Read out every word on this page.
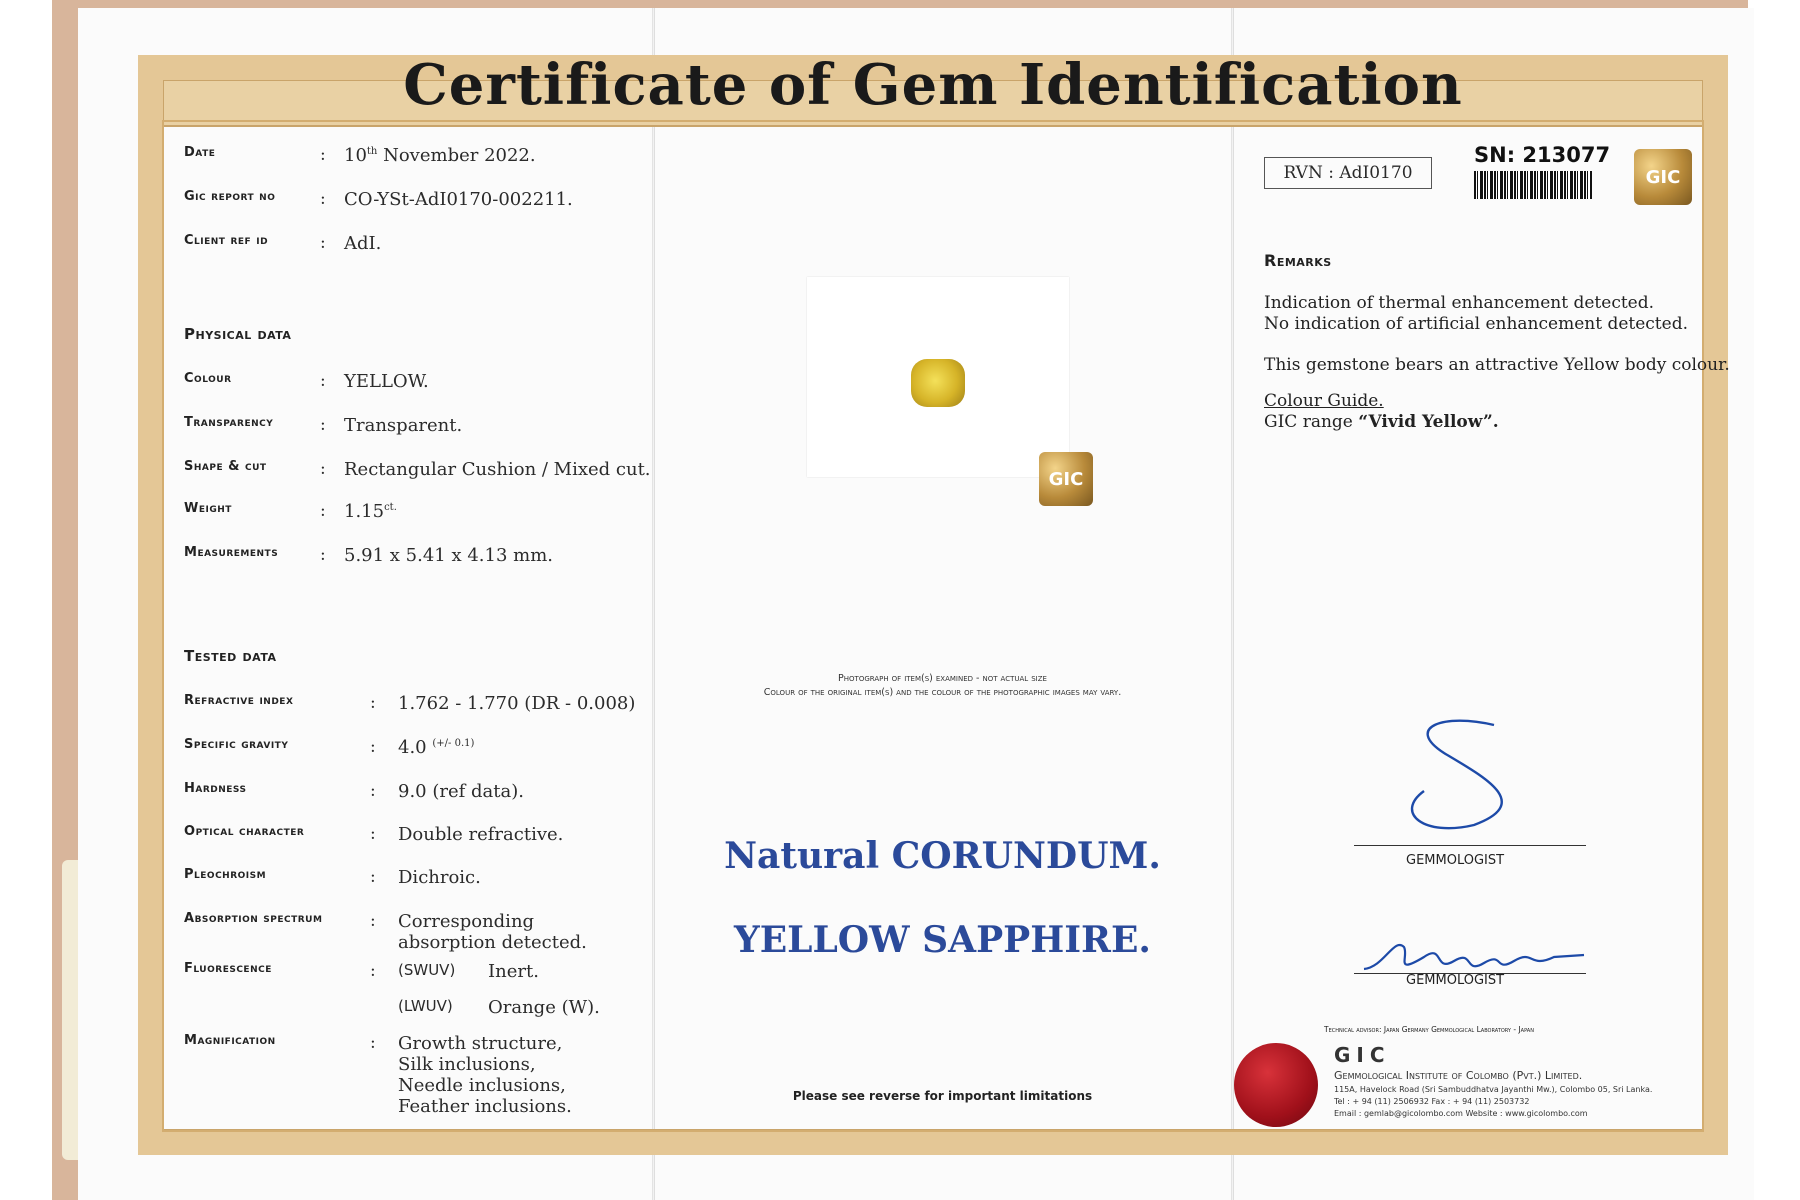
Certificate of Gem Identification
Date	: 10th November 2022.
Gic report no	: CO-YSt-AdI0170-002211.
Client ref id	: AdI.
Physical data
Colour	: YELLOW.
Transparency	: Transparent.
Shape & cut	: Rectangular Cushion / Mixed cut.
Weight	: $1.15^{ct.}$
Measurements	: 5.91 x 5.41 x 4.13 mm.
Tested data
Refractive index	: 1.762 - 1.770 (DR - 0.008)
Specific gravity	: 4.0 $^{(+/- 0.1)}$
Hardness	: 9.0 (ref data).
Optical character	: Double refractive.
Pleochroism	: Dichroic.
Absorption spectrum	: Corresponding absorption detected.
Fluorescence	: (SWUV) Inert.
(LWUV) Orange (W).
Magnification	: Growth structure,
Silk inclusions,
Needle inclusions,
Feather inclusions.
GIC
Photograph of item(s) examined - not actual size
Colour of the original item(s) and the colour of the photographic images may vary.
Natural CORUNDUM.
YELLOW SAPPHIRE.
Please see reverse for important limitations
RVN : AdI0170
SN: 213077
GIC
Remarks
Indication of thermal enhancement detected.
No indication of artificial enhancement detected.
This gemstone bears an attractive Yellow body colour.
Colour Guide.
GIC range “Vivid Yellow”.
GEMMOLOGIST
GEMMOLOGIST
Technical advisor: Japan Germany Gemmological Laboratory - Japan
GIC
Gemmological Institute of Colombo (Pvt.) Limited.
115A, Havelock Road (Sri Sambuddhatva Jayanthi Mw.), Colombo 05, Sri Lanka.
Tel : + 94 (11) 2506932 Fax : + 94 (11) 2503732
Email : gemlab@gicolombo.com Website : www.gicolombo.com
